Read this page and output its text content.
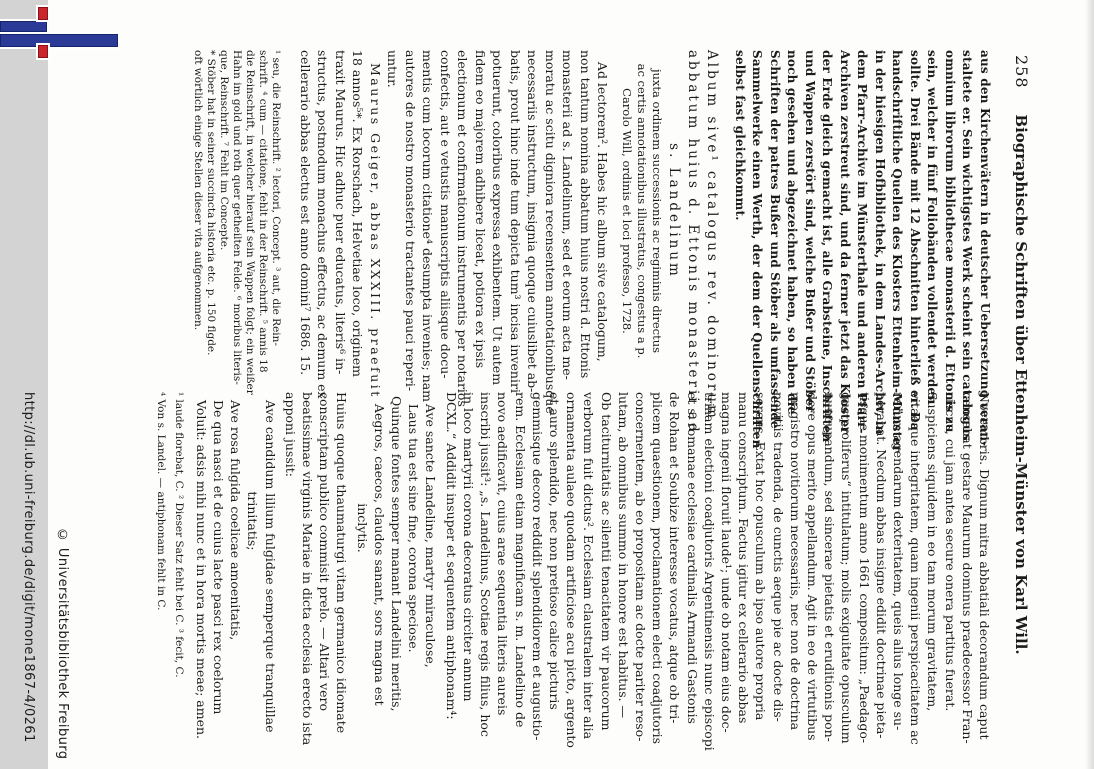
http://dl.ub.uni-freiburg.de/digit/mone1867-4/0261 © Universitätsbibliothek Freiburg
258
Biographische Schriften über Ettenheim-Münster von Karl Will.
aus den Kirchenvätern in deutscher Uebersetzung veran-
staltete er. Sein wichtigstes Werk scheint sein catalogus
omnium librorum bibliothecae monasterii d. Ettonis zu
sein, welcher in fünf Foliobänden vollendet werden
sollte. Drei Bände mit 12 Abschnitten hinterließ er. Da
handschriftliche Quellen des Klosters Ettenheim-Münster
in der hiesigen Hofbibliothek, in dem Landes-Archiv, in
dem Pfarr-Archive im Münsterthale und anderen Pfarr-
Archiven zerstreut sind, und da ferner jetzt das Kloster
der Erde gleich gemacht ist, alle Grabsteine, Inschriften
und Wappen zerstört sind, welche Bußer und Stöber
noch gesehen und abgezeichnet haben, so haben die
Schriften der patres Bußer und Stöber als umfassende
Sammelwerke einen Werth, der dem der Quellenschriften
selbst fast gleichkommt.
Album sive¹ catalogus rev. dominorum
abbatum huius d. Ettonis monasterii ad
s. Landelinum
juxta ordinem successionis ac regiminis directus
ac certis annotationibus illustratus, congestus a p.
Carolo Will, ordinis et loci professo, 1728.
Ad lectorem². Habes hic album sive catalogum,
non tantum nomina abbatum huius nostri d. Ettonis
monasterii ad s. Landelinum, sed et eorum acta me-
moratu ac scitu digniora recensentem annotationibusque
necessariis instructum, insignia quoque cuiuslibet ab-
batis, prout hinc inde tum depicta tum³ incisa inveniri
potuerunt, coloribus expressa exhibentem. Ut autem
fidem eo majorem adhibere liceat, potiora ex ipsis
electionum et confirmationum instrumentis per notarios
confectis, aut e vetustis manuscriptis aliisque docu-
mentis cum locorum citatione⁴ desumpta invenies; nam
autores de nostro monasterio tractantes pauci reperi-
untur.
Maurus Geiger, abbas XXXIII. praefuit
18 annos⁵*. Ex Rorschach, Helvetiae loco, originem
traxit Maurus. Hic adhuc puer educatus, literis⁶ in-
structus, postmodum monachus effectus, ac demum ex
cellerario abbas electus est anno domini⁷ 1686. 15.
¹ seu, die Reinschrift. ² lectori, Concept. ³ aut, die Rein-
schrift. ⁴ cum — citatione, fehlt in der Reinschrift. ⁵ annis 18
die Reinschrift, in welcher hierauf sein Wappen folgt; ein weißer
Hahn im gold und roth quer getheilten Felde. ⁶ moribus literis-
que, Reinschrift. ⁷ Fehlt im Concepte.
* Stöber hat in seiner succincta historia etc. p. 150 flgde.
oft wörtlich einige Stellen dieser vita aufgenommen.
Novembris. Dignum mitra abbatiali decorandum caput
censebat gestare Maurum dominus praedecessor Fran-
ciscus, cui jam antea secure onera partitus fuerat.
Suspiciens siquidem in eo tam morum gravitatem,
vitaeque integritatem, quam ingenii perspicacitatem ac
rerum agendarum dexteritatem, queis alius longe su-
perabat. Necdum abbas insigne edidit doctrinae pieta-
tisque monimentum anno 1661 compositum: „Paedago-
gus proliferus“ intitulatum; molis exiguitate opusculum
nuncupandum, sed sincerae pietatis et eruditionis pon-
dere opus merito appellandum. Agit in eo de virtutibus
magistro novitiorum necessariis, nec non de doctrina
novitiis tradenda, de cunctis aeque pie ac docte dis-
serens. Extat hoc opusculum ab ipso autore propria
manu conscriptum. Factus igitur ex cellerario abbas
magna ingenii floruit laude¹; unde ob notam eius doc-
trinam electioni coadjutoris Argentinensis nunc episcopi
et s. romanae ecclesiae cardinalis Armandi Gastonis
de Rohan et Soubize interesse vocatus, atque ob tri-
plicem quaestionem, proclamationem electi coadjutoris
concernentem, ab eo propositam ac docte pariter reso-
lutam, ab omnibus summo in honore est habitus. —
Ob taciturnitatis ac silentii tenacitatem vir paucorum
verborum fuit dictus². Ecclesiam claustralem inter alia
ornamenta aulaeo quodam artificiose acu picto, argento
et auro splendido, nec non pretioso calice picturis
gemmisque decoro reddidit splendidiorem et augustio-
rem. Ecclesiam etiam magnificam s. m. Landelino de
novo aedificavit, cuius arae sequentia literis aureis
inscribi jussit³: „s. Landelinus, Scotiae regis filius, hoc
in loco martyrii corona decoratus circiter annum
DCXL.“ Addidit insuper et sequentem antiphonam⁴:
Ave sancte Landeline, martyr miraculose,
Laus tua est sine fine, corona speciose.
Quinque fontes semper manant Landelini meritis,
Aegros, caecos, claudos sanant, sors magna est
inclytis.
Huius quoque thaumaturgi vitam germanico idiomate
conscriptam publico commisit prelo. — Altari vero
beatissimae virginis Mariae in dicta ecclesia erecto ista
apponi jussit:
Ave candidum lilium fulgidae semperque tranquillae
trinitatis;
Ave rosa fulgida coelicae amoenitatis,
De qua nasci et de cuius lacte pasci rex coelorum
Voluit: adsis mihi nunc et in hora mortis meae; amen.
¹ laude florebat, C. ² Dieser Satz fehlt bei C. ³ fecit, C.
⁴ Von s. Landel. — antiphonam fehlt in C.
